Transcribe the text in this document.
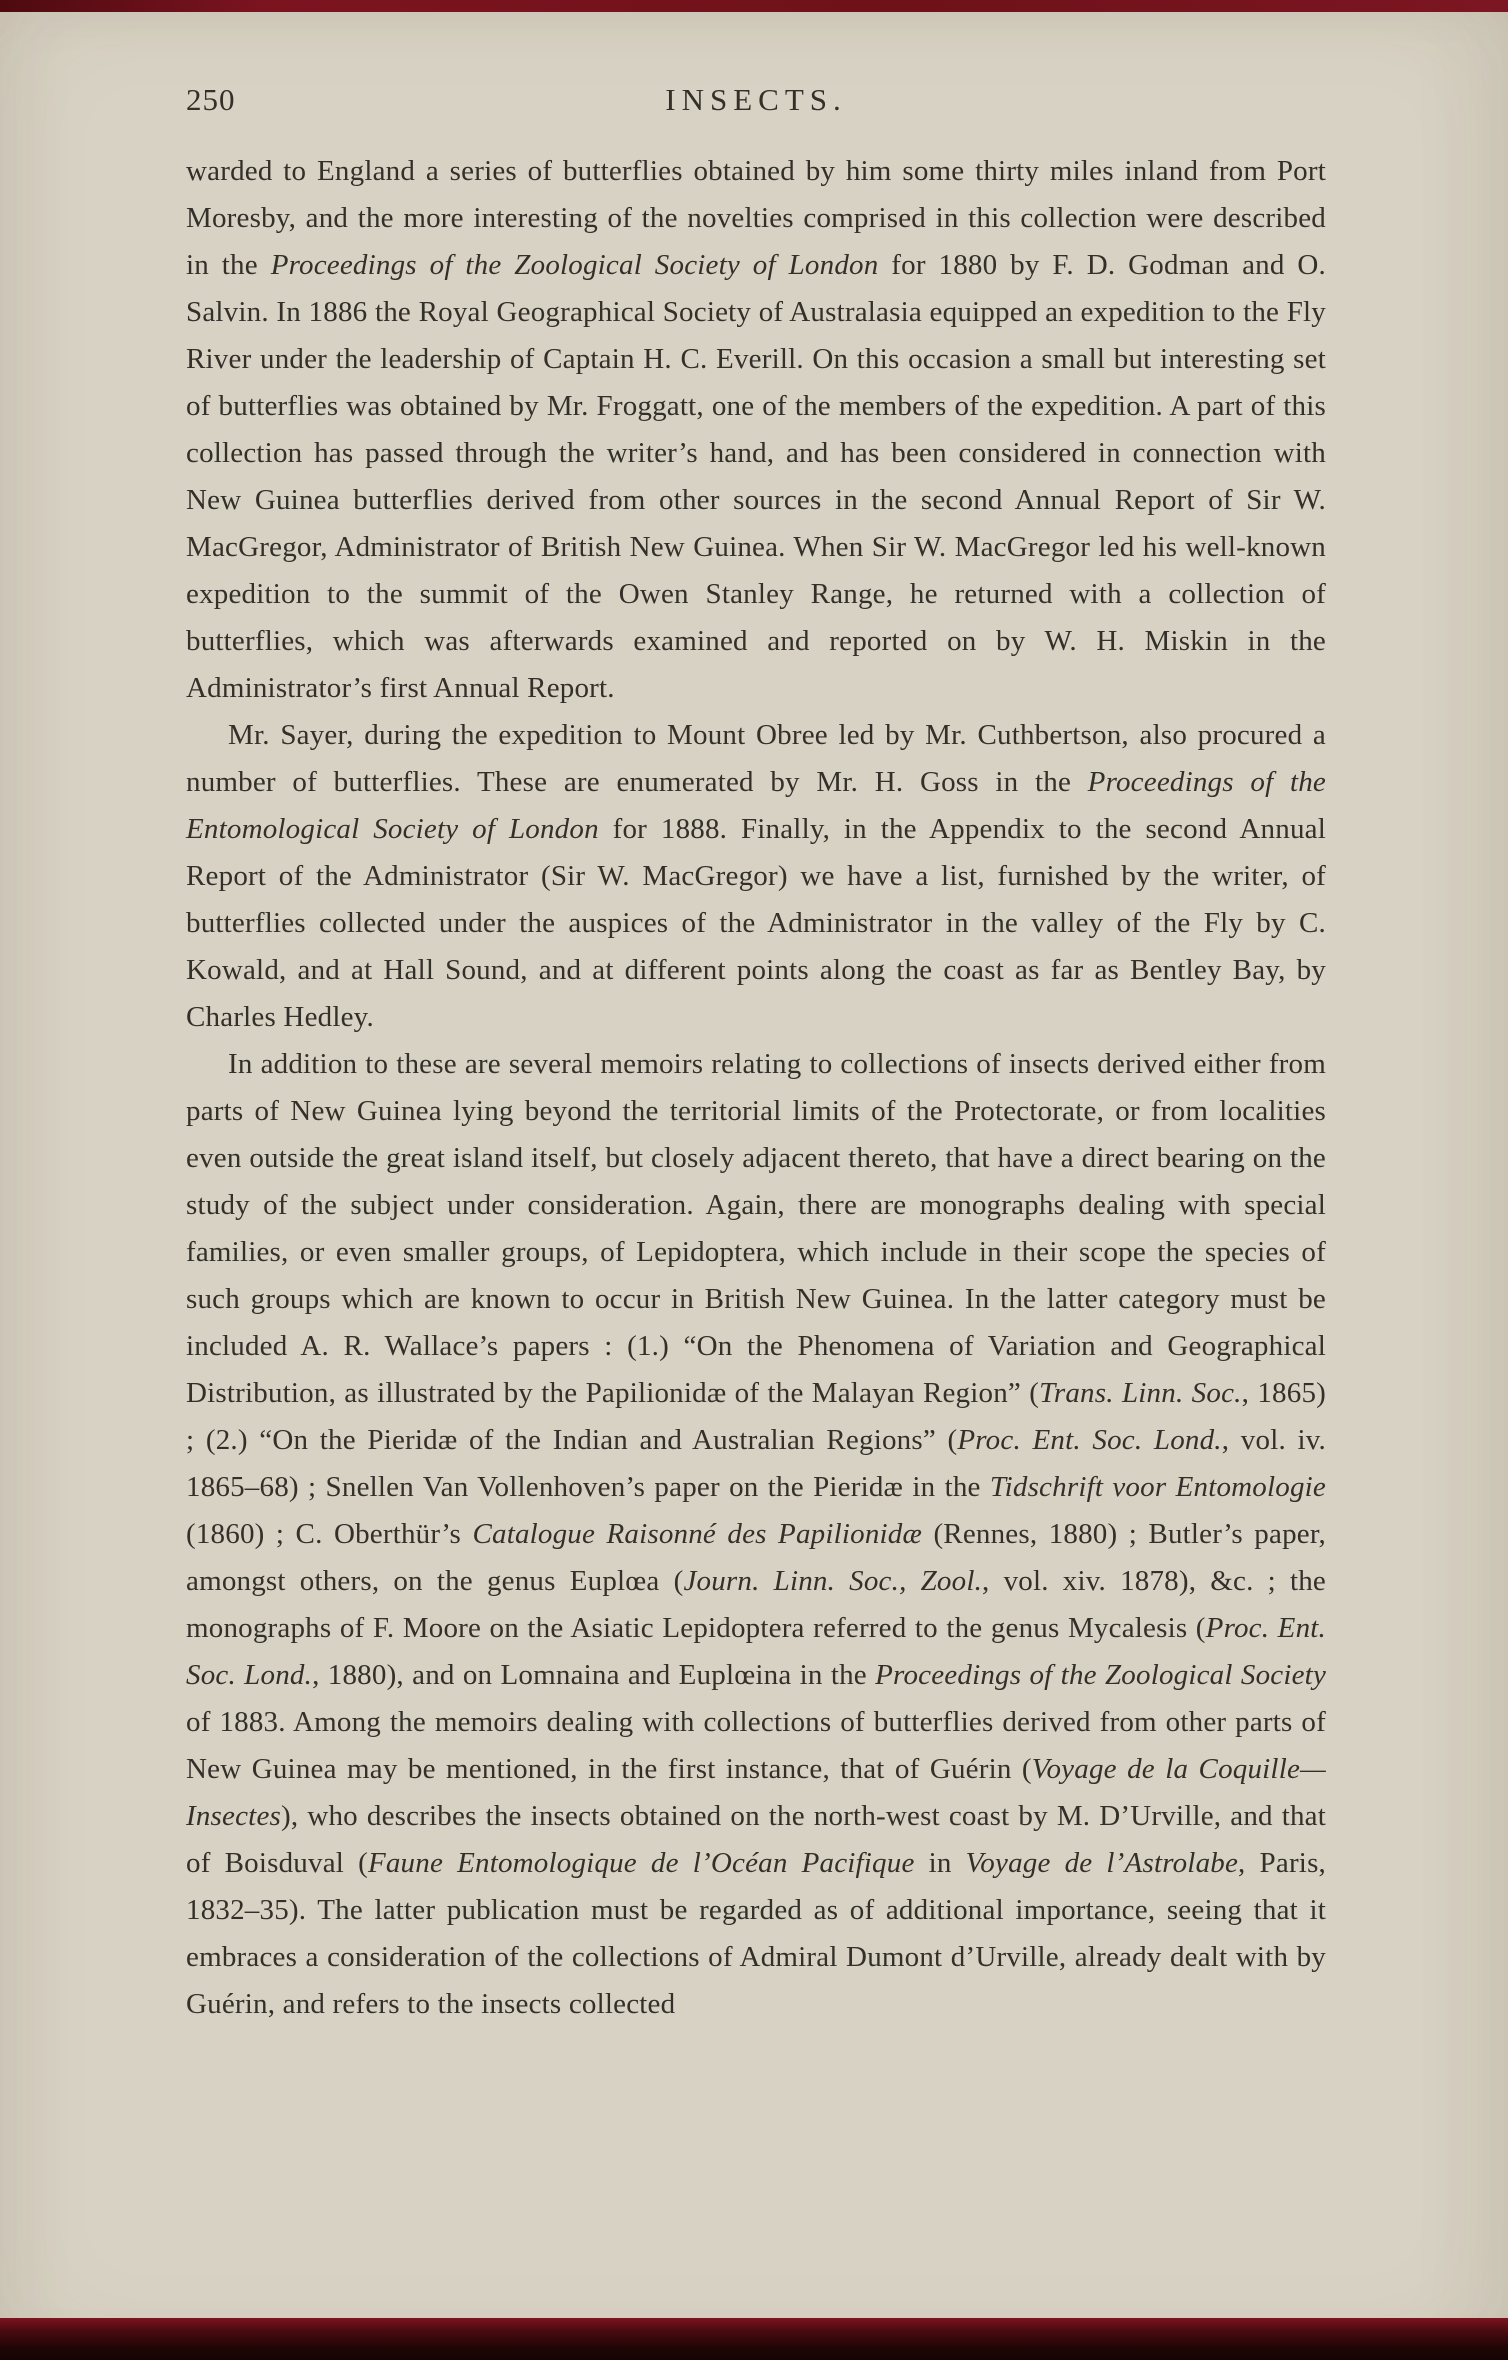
250	INSECTS.

warded to England a series of butterflies obtained by him some thirty miles inland from Port Moresby, and the more interesting of the novelties comprised in this collection were described in the Proceedings of the Zoological Society of London for 1880 by F. D. Godman and O. Salvin. In 1886 the Royal Geographical Society of Australasia equipped an expedition to the Fly River under the leadership of Captain H. C. Everill. On this occasion a small but interesting set of butterflies was obtained by Mr. Froggatt, one of the members of the expedition. A part of this collection has passed through the writer’s hand, and has been considered in connection with New Guinea butterflies derived from other sources in the second Annual Report of Sir W. MacGregor, Administrator of British New Guinea. When Sir W. MacGregor led his well-known expedition to the summit of the Owen Stanley Range, he returned with a collection of butterflies, which was afterwards examined and reported on by W. H. Miskin in the Administrator’s first Annual Report.

Mr. Sayer, during the expedition to Mount Obree led by Mr. Cuthbertson, also procured a number of butterflies. These are enumerated by Mr. H. Goss in the Proceedings of the Entomological Society of London for 1888. Finally, in the Appendix to the second Annual Report of the Administrator (Sir W. MacGregor) we have a list, furnished by the writer, of butterflies collected under the auspices of the Administrator in the valley of the Fly by C. Kowald, and at Hall Sound, and at different points along the coast as far as Bentley Bay, by Charles Hedley.

In addition to these are several memoirs relating to collections of insects derived either from parts of New Guinea lying beyond the territorial limits of the Protectorate, or from localities even outside the great island itself, but closely adjacent thereto, that have a direct bearing on the study of the subject under consideration. Again, there are monographs dealing with special families, or even smaller groups, of Lepidoptera, which include in their scope the species of such groups which are known to occur in British New Guinea. In the latter category must be included A. R. Wallace’s papers : (1.) “On the Phenomena of Variation and Geographical Distribution, as illustrated by the Papilionidæ of the Malayan Region” (Trans. Linn. Soc., 1865) ; (2.) “On the Pieridæ of the Indian and Australian Regions” (Proc. Ent. Soc. Lond., vol. iv. 1865–68) ; Snellen Van Vollenhoven’s paper on the Pieridæ in the Tidschrift voor Entomologie (1860) ; C. Oberthür’s Catalogue Raisonné des Papilionidæ (Rennes, 1880) ; Butler’s paper, amongst others, on the genus Euplœa (Journ. Linn. Soc., Zool., vol. xiv. 1878), &c. ; the monographs of F. Moore on the Asiatic Lepidoptera referred to the genus Mycalesis (Proc. Ent. Soc. Lond., 1880), and on Lomnaina and Euplœina in the Proceedings of the Zoological Society of 1883. Among the memoirs dealing with collections of butterflies derived from other parts of New Guinea may be mentioned, in the first instance, that of Guérin (Voyage de la Coquille—Insectes), who describes the insects obtained on the north-west coast by M. D’Urville, and that of Boisduval (Faune Entomologique de l’Océan Pacifique in Voyage de l’Astrolabe, Paris, 1832–35). The latter publication must be regarded as of additional importance, seeing that it embraces a consideration of the collections of Admiral Dumont d’Urville, already dealt with by Guérin, and refers to the insects collected
